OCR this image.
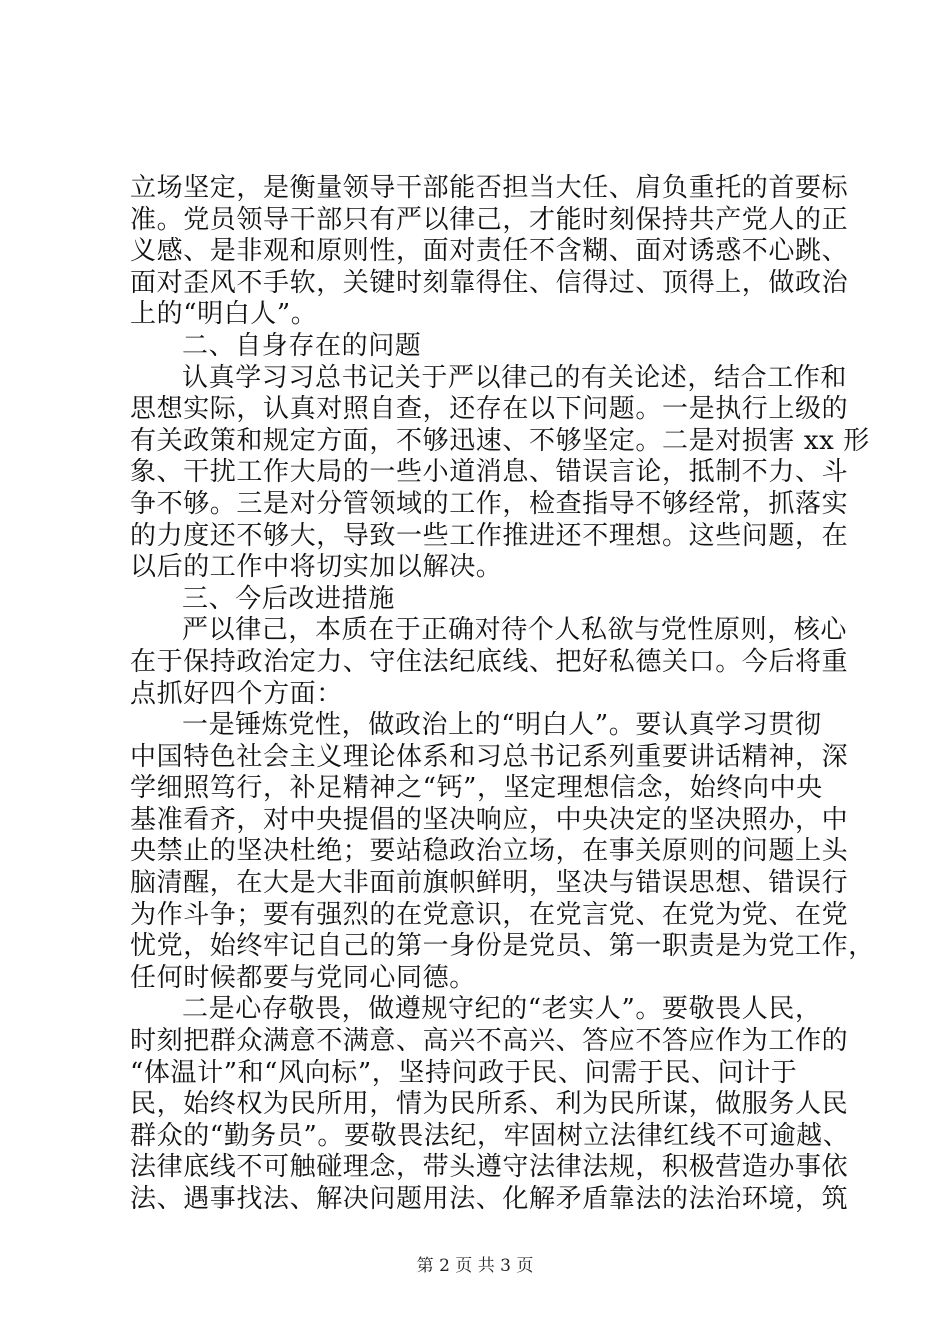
立场坚定，是衡量领导干部能否担当大任、肩负重托的首要标
准。党员领导干部只有严以律己，才能时刻保持共产党人的正
义感、是非观和原则性，面对责任不含糊、面对诱惑不心跳、
面对歪风不手软，关键时刻靠得住、信得过、顶得上，做政治
上的“明白人”。
二、自身存在的问题
认真学习习总书记关于严以律己的有关论述，结合工作和
思想实际，认真对照自查，还存在以下问题。一是执行上级的
有关政策和规定方面，不够迅速、不够坚定。二是对损害 xx 形
象、干扰工作大局的一些小道消息、错误言论，抵制不力、斗
争不够。三是对分管领域的工作，检查指导不够经常，抓落实
的力度还不够大，导致一些工作推进还不理想。这些问题，在
以后的工作中将切实加以解决。
三、今后改进措施
严以律己，本质在于正确对待个人私欲与党性原则，核心
在于保持政治定力、守住法纪底线、把好私德关口。今后将重
点抓好四个方面：
一是锤炼党性，做政治上的“明白人”。要认真学习贯彻
中国特色社会主义理论体系和习总书记系列重要讲话精神，深
学细照笃行，补足精神之“钙”，坚定理想信念，始终向中央
基准看齐，对中央提倡的坚决响应，中央决定的坚决照办，中
央禁止的坚决杜绝；要站稳政治立场，在事关原则的问题上头
脑清醒，在大是大非面前旗帜鲜明，坚决与错误思想、错误行
为作斗争；要有强烈的在党意识，在党言党、在党为党、在党
忧党，始终牢记自己的第一身份是党员、第一职责是为党工作，
任何时候都要与党同心同德。
二是心存敬畏，做遵规守纪的“老实人”。要敬畏人民，
时刻把群众满意不满意、高兴不高兴、答应不答应作为工作的
“体温计”和“风向标”，坚持问政于民、问需于民、问计于
民，始终权为民所用，情为民所系、利为民所谋，做服务人民
群众的“勤务员”。要敬畏法纪，牢固树立法律红线不可逾越、
法律底线不可触碰理念，带头遵守法律法规，积极营造办事依
法、遇事找法、解决问题用法、化解矛盾靠法的法治环境，筑
第 2 页 共 3 页
